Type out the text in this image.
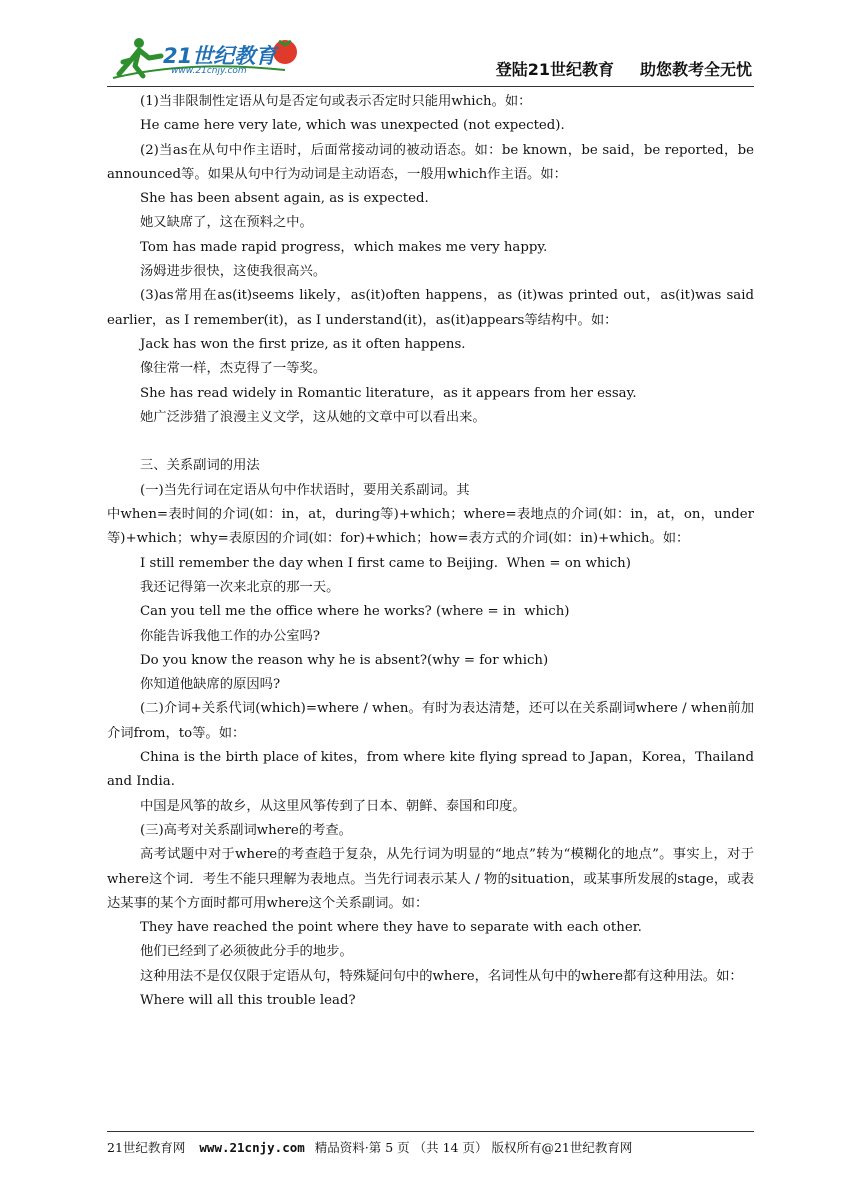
21世纪教育
www.21cnjy.com	登陆21世纪教育 助您教考全无忧
(1)当非限制性定语从句是否定句或表示否定时只能用which。如：
He came here very late, which was unexpected (not expected).
(2)当as在从句中作主语时，后面常接动词的被动语态。如：be known，be said，be reported，be announced等。如果从句中行为动词是主动语态，一般用which作主语。如：
She has been absent again, as is expected.
她又缺席了，这在预料之中。
Tom has made rapid progress，which makes me very happy.
汤姆进步很快，这使我很高兴。
(3)as常用在as(it)seems likely，as(it)often happens，as (it)was printed out，as(it)was said earlier，as I remember(it)，as I understand(it)，as(it)appears等结构中。如：
Jack has won the first prize, as it often happens.
像往常一样，杰克得了一等奖。
She has read widely in Romantic literature，as it appears from her essay.
她广泛涉猎了浪漫主义文学，这从她的文章中可以看出来。
三、关系副词的用法
(一)当先行词在定语从句中作状语时，要用关系副词。其
中when=表时间的介词(如：in，at，during等)+which；where=表地点的介词(如：in，at，on，under等)+which；why=表原因的介词(如：for)+which；how=表方式的介词(如：in)+which。如：
I still remember the day when I first came to Beijing.  When = on which)
我还记得第一次来北京的那一天。
Can you tell me the office where he works? (where = in  which)
你能告诉我他工作的办公室吗?
Do you know the reason why he is absent?(why = for which)
你知道他缺席的原因吗?
(二)介词+关系代词(which)=where / when。有时为表达清楚，还可以在关系副词where / when前加介词from，to等。如：
China is the birth place of kites，from where kite flying spread to Japan，Korea，Thailand and India.
中国是风筝的故乡，从这里风筝传到了日本、朝鲜、泰国和印度。
(三)高考对关系副词where的考查。
高考试题中对于where的考查趋于复杂，从先行词为明显的“地点”转为“模糊化的地点”。事实上，对于where这个词．考生不能只理解为表地点。当先行词表示某人 / 物的situation，或某事所发展的stage，或表达某事的某个方面时都可用where这个关系副词。如：
They have reached the point where they have to separate with each other.
他们已经到了必须彼此分手的地步。
这种用法不是仅仅限于定语从句，特殊疑问句中的where，名词性从句中的where都有这种用法。如：
Where will all this trouble lead?
21世纪教育网 www.21cnjy.com 精品资料·第 5 页 （共 14 页） 版权所有@21世纪教育网
